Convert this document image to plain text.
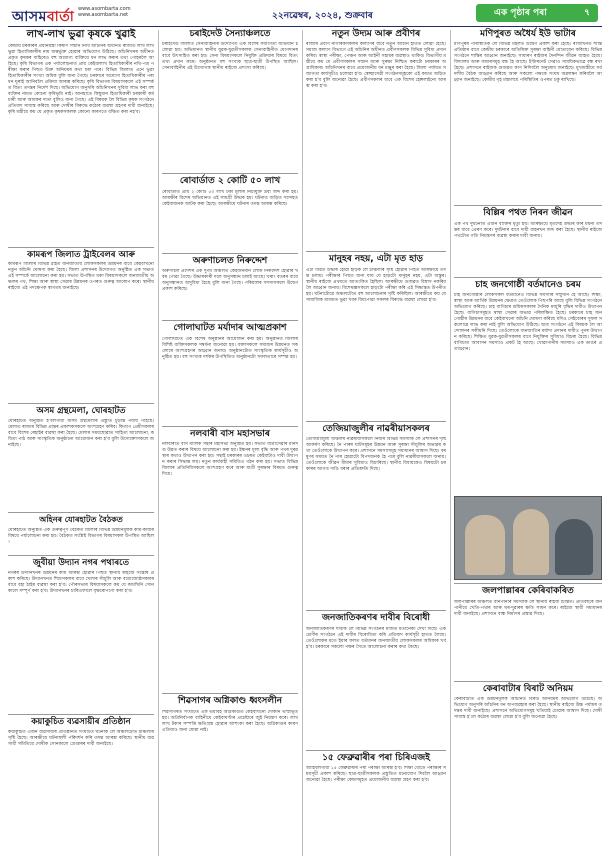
আসমবার্তা www.asombarta.com
www.asombarta.net	২২নৱেম্বৰ, ২০২৪, শুক্ৰবাৰ	এক পৃষ্ঠাৰ পৰা	৭
লাখ-লাখ ভুৱা কৃষকে খুৱাই
কেন্দ্ৰীয় চৰকাৰৰ প্ৰধানমন্ত্ৰী কিষাণ সন্মান নিধি আঁচনিৰ অধীনত ৰাজ্যত লাখ লাখ ভুৱা হিতাধিকাৰীৰ নাম অন্তৰ্ভুক্ত হোৱাৰ অভিযোগ উঠিছে। আঁচনিখনৰ অধীনত প্ৰকৃত কৃষকৰ বাহিৰেও বহু অযোগ্য ব্যক্তিয়ে ধন লাভ কৰাৰ তথ্য পোহৰলৈ আহিছে। কৃষি বিভাগৰ এক পৰ্যালোচনাত প্ৰায় কেইবালাখ হিতাধিকাৰীৰ নথি-পত্ৰ পৰীক্ষা কৰাৰ পিছত উক্ত অনিয়মৰ কথা ধৰা পৰে। বিভিন্ন জিলাত এনে ভুৱা হিতাধিকাৰীৰ সংখ্যা অধিক বুলি জনা গৈছে। চৰকাৰে অযোগ্য হিতাধিকাৰীৰ পৰা ধন ঘূৰাই আনিবলৈ প্ৰক্ৰিয়া আৰম্ভ কৰিছে। কৃষি বিভাগৰ বিষয়াসকলে এই সম্পৰ্কত বিতং তদন্তৰ নিৰ্দেশ দিছে। অভিযোগ অনুসৰি আঁচনিখনৰ সুবিধা লাভ কৰা বহু ব্যক্তিৰ নামত কোনো কৃষিভূমি নাই। আনহাতে কিছুমান হিতাধিকাৰী চৰকাৰী কৰ্মচাৰী আৰু আয়কৰ দাতা বুলিও জনা গৈছে। এই বিষয়ক লৈ বিভিন্ন কৃষক সংগঠনে প্ৰতিবাদ সাব্যস্ত কৰিছে আৰু দোষীৰ বিৰুদ্ধে কঠোৰ ব্যৱস্থা গ্ৰহণৰ দাবী জনাইছে। কৃষি মন্ত্ৰীয়ে কয় যে প্ৰকৃত কৃষকসকলক কোনো কাৰণতে বঞ্চিত কৰা নহ'ব।
কামৰূপ জিলাত ট্ৰাইবেলৰ আৰু
কামৰূপ জিলাৰ বিভিন্ন ঠাইত জনজাতীয় লোকসকলৰ উন্নয়নৰ বাবে কেইবাখনো নতুন আঁচনি ঘোষণা কৰা হৈছে। জিলা প্ৰশাসনৰ উদ্যোগত অনুষ্ঠিত এক সভাত এই সম্পৰ্কে আলোচনা কৰা হয়। সভাত উপস্থিত থকা বিষয়াসকলে জনজাতীয় অঞ্চলৰ পথ, শিক্ষা আৰু স্বাস্থ্য সেৱাৰ উন্নয়নৰ ওপৰত গুৰুত্ব আৰোপ কৰে। স্থানীয় ৰাইজে এই পদক্ষেপক স্বাগতম জনাইছে।
অসম গ্ৰন্থমেলা, ঘোৰহাটত
যোৰহাটত অনুষ্ঠিত হ'বলগীয়া অসম গ্ৰন্থমেলাৰ প্ৰস্তুতি চূড়ান্ত পৰ্যায় পাইছে। মেলাত ৰাজ্যৰ বিভিন্ন প্ৰান্তৰ প্ৰকাশকসকলে অংশগ্ৰহণ কৰিব। কিতাপ প্ৰেমীসকলৰ বাবে বিশেষ ৰেহাইৰ ব্যৱস্থা কৰা হৈছে। মেলাৰ সময়ছোৱাত সাহিত্য আলোচনা, কবিতা পাঠ আৰু সাংস্কৃতিক অনুষ্ঠানো আয়োজন কৰা হ'ব বুলি উদ্যোক্তাসকলে জনাইছে।
অহিনৰ যোৰহাটত বৈঠকত
যোৰহাটত অনুষ্ঠিত এক গুৰুত্বপূৰ্ণ বৈঠকত জিলাৰ বিভিন্ন উন্নয়নমূলক কাম-কাজৰ বিষয়ে পৰ্যালোচনা কৰা হয়। বৈঠকত সংশ্লিষ্ট বিভাগৰ বিষয়াসকল উপস্থিত আছিল।
জুবীয়া উদ্যান নগৰ পথাৰতে
নগৰৰ উদ্যানখনৰ উন্নয়নৰ কাম আৰম্ভ হোৱাৰ পিছত স্থানীয় ৰাইজে সন্তোষ প্ৰকাশ কৰিছে। উদ্যানখনত শিশুসকলৰ বাবে খেলাৰ সঁজুলি আৰু বয়োজ্যেষ্ঠসকলৰ বাবে বহা ঠাইৰ ব্যৱস্থা কৰা হ'ব। পৌৰসভাৰ বিষয়াসকলে কয় যে কামখিনি সোনকালে সম্পূৰ্ণ কৰা হ'ব। উদ্যানখনৰ চাৰিওফালে বৃক্ষৰোপণো কৰা হ'ব।
কয়াকুচিত ব্যৱসায়ীৰ প্ৰতিষ্ঠান
কয়াকুচিত এজন ব্যৱসায়ীৰ প্ৰতিষ্ঠানত সংঘটিত ঘটনাক লৈ অঞ্চলটোত চাঞ্চল্যৰ সৃষ্টি হৈছে। আৰক্ষীয়ে ঘটনাস্থলী পৰিদৰ্শন কৰি তদন্ত আৰম্ভ কৰিছে। স্থানীয় ব্যৱসায়ী সমিতিয়ে দোষীক সোনকালে গ্ৰেপ্তাৰৰ দাবী জনাইছে।
চৰাইদেউ সৈন্যাঞ্চলতে
চৰাইদেউ জিলাত সেনাবাহিনীৰ উদ্যোগত এক বিশেষ সজাগতা অভিযান চলোৱা হয়। অভিযানত স্থানীয় যুৱক-যুৱতীসকলক সেনাবাহিনীত যোগদানৰ বাবে উৎসাহিত কৰা হয়। সেনা বিষয়াসকলে নিযুক্তি প্ৰক্ৰিয়াৰ বিষয়ে বিতং তথ্য প্ৰদান কৰে। অনুষ্ঠানত বহু সংখ্যক ছাত্ৰ-ছাত্ৰী উপস্থিত আছিল। সেনাবাহিনীৰ এই উদ্যোগক স্থানীয় ৰাইজে প্ৰশংসা কৰিছে।
ৰোবাৰ্ডাত ২ কোটি ৫০ লাখ
ৰোবাৰ্ডাত প্ৰায় ২ কোটি ৫০ লাখ টকা মূল্যৰ নিচাযুক্ত দ্ৰব্য জব্দ কৰা হয়। আৰক্ষীৰ বিশেষ অভিযানত এই সামগ্ৰী উদ্ধাৰ হয়। ঘটনাত জড়িত সন্দেহত কেইবাজনক আটক কৰা হৈছে। আৰক্ষীয়ে ঘটনাৰ তদন্ত আৰম্ভ কৰিছে।
অৰুণাচলত নিৰুদ্দেশ
অৰুণাচল প্ৰদেশৰ এক দুৰ্গম অঞ্চলত কেইজনমান লোক নিৰুদ্দেশ হোৱাৰ খবৰ পোৱা গৈছে। উদ্ধাৰকাৰী দলে অনুসন্ধান চলাই আছে। খৰাং বতৰৰ বাবে অনুসন্ধানত অসুবিধা হৈছে বুলি জনা গৈছে। পৰিয়ালৰ সদস্যসকলে উদ্বেগ প্ৰকাশ কৰিছে।
গোলাঘাটত মৰ্যাদাৰ আত্মপ্ৰকাশ
গোলাঘাটত এক বিশেষ অনুষ্ঠানৰ আয়োজন কৰা হয়। অনুষ্ঠানত জিলাৰ বিশিষ্ট ব্যক্তিসকলক সম্বৰ্ধনা জনোৱা হয়। বক্তাসকলে সমাজৰ উন্নয়নত সকলোৰে অংশগ্ৰহণৰ আহ্বান জনায়। অনুষ্ঠানটোত সাংস্কৃতিক কাৰ্যসূচীও অনুষ্ঠিত হয়। বহু সংখ্যক দৰ্শকৰ উপস্থিতিত অনুষ্ঠানটো সফলতাৰে সম্পন্ন হয়।
নলবাৰী বাস মহাসভাৰ
নলবাৰীত বাস মালিক সন্থাৰ মহাসভা অনুষ্ঠিত হয়। সভাত যাত্ৰীসেৱাৰ মানদণ্ড উন্নত কৰাৰ বিষয়ে আলোচনা কৰা হয়। ইন্ধনৰ মূল্য বৃদ্ধি আৰু পথৰ দুৰৱস্থাৰ কথাও উত্থাপন কৰা হয়। সন্থাই চৰকাৰৰ ওচৰত কেইবাটাও দাবী উত্থাপন কৰাৰ সিদ্ধান্ত লয়। নতুন কাৰ্যবাহী সমিতিও গঠন কৰা হয়। সভাত বিভিন্ন জিলাৰ প্ৰতিনিধিসকলে অংশগ্ৰহণ কৰে আৰু যাত্ৰী সুৰক্ষাৰ বিষয়ত গুৰুত্ব দিয়ে।
শিৱসাগৰ অগ্নিকাণ্ড ধ্বংসলীন
শিৱসাগৰত সংঘটিত এক ভয়াবহ অগ্নিকাণ্ডত কেইবাখনো দোকান ভস্মীভূত হয়। অগ্নিনিৰ্বাপক বাহিনীয়ে কেইবাঘণ্টাৰ প্ৰচেষ্টাৰে জুই নিয়ন্ত্ৰণ কৰে। লাখ লাখ টকাৰ সম্পত্তি ক্ষতিগ্ৰস্ত হোৱাৰ আশংকা কৰা হৈছে। অগ্নিকাণ্ডৰ কাৰণ এতিয়াও জনা যোৱা নাই।
নতুন উদ্যম আৰু প্ৰবীণৰ
ৰাজ্যৰ প্ৰবীণ নাগৰিকসকলৰ কল্যাণৰ বাবে নতুন আঁচনি হাতত লোৱা হৈছে। সমাজ কল্যাণ বিভাগে এই আঁচনিৰ অধীনত প্ৰবীণসকলক বিভিন্ন সুবিধা প্ৰদান কৰিব। স্বাস্থ্য পৰীক্ষা, পেঞ্চন আৰু আইনী সহায়ৰ ব্যৱস্থাও থাকিব। বিভাগীয় মন্ত্ৰীয়ে কয় যে প্ৰবীণসকলৰ সন্মান আৰু সুৰক্ষা নিশ্চিত কৰাটো চৰকাৰৰ অগ্ৰাধিকাৰ। আঁচনিখনৰ বাবে প্ৰয়োজনীয় ধন মঞ্জুৰ কৰা হৈছে। জিলা পৰ্যায়ত সজাগতা কাৰ্যসূচীও চলোৱা হ'ব। স্বেচ্ছাসেৱী সংগঠনসমূহকো এই কামত জড়িত কৰা হ'ব বুলি জনোৱা হৈছে। প্ৰবীণসকলৰ বাবে এক বিশেষ হেল্পলাইনো আৰম্ভ কৰা হ'ব।
মানুহৰ নহয়, এটা মৃত হাড়
এটা গাঁৱত উদ্ধাৰ হোৱা হাড়ক লৈ চাঞ্চল্যৰ সৃষ্টি হোৱাৰ পিছত আৰক্ষীয়ে তদন্ত চলায়। পৰীক্ষাৰ পিছত জনা যায় যে হাড়টো মানুহৰ নহয়, এটা জন্তুৰ। স্থানীয় ৰাইজে প্ৰথমতে আতংকিত হৈছিল। আৰক্ষীয়ে গুজৱত বিশ্বাস নকৰিবলৈ আহ্বান জনায়। বিশেষজ্ঞসকলে হাড়টো পৰীক্ষা কৰি এই সিদ্ধান্তত উপনীত হয়। ঘটনাটোৱে অঞ্চলটোত বহু আলোচনাৰ সৃষ্টি কৰিছিল। আৰক্ষীয়ে কয় যে সামাজিক মাধ্যমত ভুৱা খবৰ বিয়পোৱা সকলৰ বিৰুদ্ধে ব্যৱস্থা লোৱা হ'ব।
তেজিয়াজুলীৰ নাৱৰীয়াসকলৰ
তেজিয়াজুলী অঞ্চলৰ নাৱৰীয়াসকলে নিজৰ বিভিন্ন সমস্যাক লৈ প্ৰশাসনৰ দৃষ্টি আকৰ্ষণ কৰিছে। নৈ পাৰৰ ঘাটসমূহৰ উন্নয়ন আৰু সুৰক্ষা সঁজুলিৰ অভাৱৰ কথা তেওঁলোকে উত্থাপন কৰে। প্ৰশাসনে সমস্যাসমূহ সমাধানৰ আশ্বাস দিছে। বৰষুণৰ সময়ত নৈ পাৰ হোৱাটো বিপদজনক হৈ পৰে বুলি নাৱৰীয়াসকলে জনায়। তেওঁলোকে জীৱন বীমাৰ সুবিধাও বিচাৰিছে। স্থানীয় বিধায়কেও বিষয়টো চৰকাৰৰ আগত দাঙি ধৰাৰ প্ৰতিশ্ৰুতি দিছে।
জনজাতিকৰণৰ দাবীৰ বিৰোধী
জনজাতিকৰণৰ দাবীক লৈ বিভিন্ন সংগঠনৰ মাজত মতানৈক্য দেখা দিছে। এক শ্ৰেণীৰ সংগঠনে এই দাবীৰ বিৰোধিতা কৰি প্ৰতিবাদ কাৰ্যসূচী হাতত লৈছে। তেওঁলোকৰ মতে ইয়াৰ ফলত বৰ্তমানৰ জনজাতীয় লোকসকলৰ অধিকাৰ খৰ্ব হ'ব। চৰকাৰে সকলো পক্ষৰ সৈতে আলোচনা কৰাৰ কথা কৈছে।
১৫ ফেব্ৰুৱাৰীৰ পৰা চিৰিএজই
আহিবলগীয়া ১৫ ফেব্ৰুৱাৰীৰ পৰা পৰীক্ষা আৰম্ভ হ'ব। শিক্ষা বোৰ্ডে পৰীক্ষাৰ সময়সূচী প্ৰকাশ কৰিছে। ছাত্ৰ-ছাত্ৰীসকলক প্ৰস্তুতিত মনোযোগ দিবলৈ আহ্বান জনোৱা হৈছে। পৰীক্ষা কেন্দ্ৰসমূহত প্ৰয়োজনীয় ব্যৱস্থা গ্ৰহণ কৰা হ'ব।
মণিপুৰত অধৈৰ্য ইউ ভাটাৰ
মণিপুৰৰ পৰিস্থিতিক লৈ বিভিন্ন মহলত উদ্বেগ প্ৰকাশ কৰা হৈছে। ৰাজ্যখনত শান্তি প্ৰতিষ্ঠাৰ বাবে কেন্দ্ৰীয় চৰকাৰে অতিৰিক্ত সুৰক্ষা বাহিনী মোতায়েন কৰিছে। বিভিন্ন সংগঠনে শান্তিৰ আহ্বান জনাইছে। সাধাৰণ ৰাইজৰ দৈনন্দিন জীৱন ব্যাহত হৈছে। বিদ্যালয় আৰু বজাৰসমূহ বন্ধ হৈ আছে। ইণ্টাৰনেট সেৱাও সাময়িকভাৱে বন্ধ ৰখা হৈছে। প্ৰশাসনে ৰাইজক গুজৱত কাণ নিদিবলৈ অনুৰোধ জনাইছে। মুখ্যমন্ত্ৰীয়ে সৰ্বদলীয় বৈঠক আহ্বান কৰিছে আৰু সকলো পক্ষকে সংযম অৱলম্বন কৰিবলৈ আহ্বান জনাইছে। কেন্দ্ৰীয় গৃহ মন্ত্ৰালয়ে পৰিস্থিতিৰ ওপৰত চকু ৰাখিছে।
বিল্লিৰ পথত নিৰন জীৱন
এক পথ দুৰ্ঘটনাত এজন ব্যক্তিৰ মৃত্যু হয়। আৰক্ষীয়ে মৃতদেহ উদ্ধাৰ কৰি ময়না তদন্তৰ বাবে প্ৰেৰণ কৰে। দুৰ্ঘটনাৰ বাবে দায়ী বাহনখন জব্দ কৰা হৈছে। স্থানীয় ৰাইজে পথটোত গতি নিয়ন্ত্ৰণৰ ব্যৱস্থা কৰাৰ দাবী জনায়।
চাহ জনগোষ্ঠী বৰ্তমানেও চৰম
চাহ জনগোষ্ঠীৰ লোকসকল বৰ্তমানেও বিভিন্ন সমস্যাৰ সন্মুখীন হৈ আছে। শিক্ষা, স্বাস্থ্য আৰু আৰ্থিক উন্নয়নৰ ক্ষেত্ৰত তেওঁলোক পিছপৰি আছে বুলি বিভিন্ন সংগঠনে অভিযোগ কৰিছে। চাহ বাগিচাৰ শ্ৰমিকসকলৰ দৈনিক মজুৰি বৃদ্ধিৰ দাবীও উত্থাপন হৈছে। বাগিচাসমূহত স্বাস্থ্য সেৱাৰ অভাৱ পৰিলক্ষিত হৈছে। চৰকাৰে চাহ জনগোষ্ঠীৰ উন্নয়নৰ বাবে কেইবাখনো আঁচনি ঘোষণা কৰিছে যদিও সেইবোৰৰ সুফল সকলোৱে লাভ কৰা নাই বুলি অভিযোগ উঠিছে। ছাত্ৰ সংগঠনে এই বিষয়ক লৈ আন্দোলনৰ সকীয়নি দিছে। তেওঁলোকে জনজাতিৰ মৰ্যাদা প্ৰদানৰ দাবীও পুনৰ উত্থাপন কৰিছে। শিক্ষিত যুৱক-যুৱতীসকলৰ বাবে নিযুক্তিৰ সুবিধাও বিচৰা হৈছে। বিভিন্ন বাগিচাত আবাসন সমস্যাও প্ৰকট হৈ আছে। খোৱাপানীৰ সমস্যাও এক ডাঙৰ প্ৰত্যাহ্বান।
জলপাল্লাৰৰ কেৰিবাকৰিত
জলপাল্লাৰৰ অঞ্চলত বানপানীৰ সমস্যাক লৈ স্থানীয় ৰাইজ চিন্তিত। প্ৰতিবছৰে বানপানীয়ে খেতি-পথাৰ আৰু ঘৰ-দুৱাৰৰ ক্ষতি সাধন কৰে। ৰাইজে স্থায়ী সমাধানৰ দাবী জনাইছে। প্ৰশাসনে বান্ধ নিৰ্মাণৰ প্ৰস্তাৱ দিছে।
কেৰাবাটাৰ বিৰাট অনিয়ম
কেৰাবাটাত এক উন্নয়নমূলক আঁচনিত বিৰাট অনিয়মৰ অভিযোগ উঠিছে। অভিযোগ অনুসৰি আঁচনিৰ ধন অপব্যৱহাৰ কৰা হৈছে। স্থানীয় ৰাইজে উচ্চ পৰ্যায়ৰ তদন্তৰ দাবী জনাইছে। প্ৰশাসনে অভিযোগসমূহ খতিয়াই চোৱাৰ আশ্বাস দিছে। দোষী সাব্যস্ত হ'লে কঠোৰ ব্যৱস্থা লোৱা হ'ব বুলি জনোৱা হৈছে।
